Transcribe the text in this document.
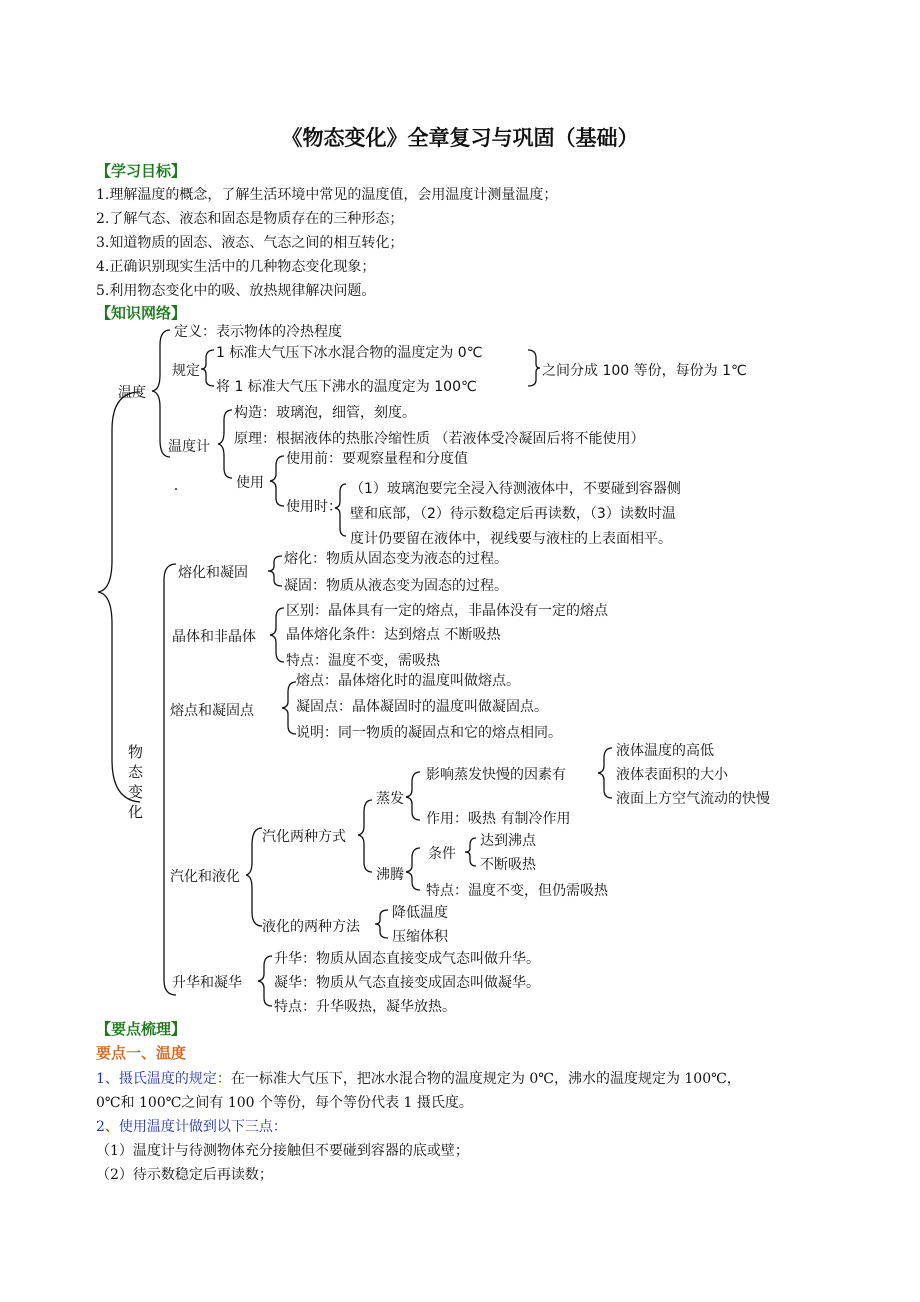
《物态变化》全章复习与巩固（基础）
【学习目标】
1.理解温度的概念，了解生活环境中常见的温度值，会用温度计测量温度；
2.了解气态、液态和固态是物质存在的三种形态；
3.知道物质的固态、液态、气态之间的相互转化；
4.正确识别现实生活中的几种物态变化现象；
5.利用物态变化中的吸、放热规律解决问题。
【知识网络】
温度
定义：表示物体的冷热程度
规定
1 标准大气压下冰水混合物的温度定为 0℃
将 1 标准大气压下沸水的温度定为 100℃
之间分成 100 等份，每份为 1℃
温度计
构造：玻璃泡，细管，刻度。
原理：根据液体的热胀冷缩性质 （若液体受冷凝固后将不能使用）
使用
使用前：要观察量程和分度值
使用时：
（1）玻璃泡要完全浸入待测液体中，不要碰到容器侧
壁和底部，（2）待示数稳定后再读数，（3）读数时温
度计仍要留在液体中，视线要与液柱的上表面相平。
物态变化
熔化和凝固
熔化：物质从固态变为液态的过程。
凝固：物质从液态变为固态的过程。
晶体和非晶体
区别：晶体具有一定的熔点，非晶体没有一定的熔点
晶体熔化条件：达到熔点 不断吸热
特点：温度不变，需吸热
熔点和凝固点
熔点：晶体熔化时的温度叫做熔点。
凝固点：晶体凝固时的温度叫做凝固点。
说明：同一物质的凝固点和它的熔点相同。
汽化和液化
汽化两种方式
蒸发
影响蒸发快慢的因素有
液体温度的高低
液体表面积的大小
液面上方空气流动的快慢
作用：吸热 有制冷作用
沸腾
条件
达到沸点
不断吸热
特点：温度不变，但仍需吸热
液化的两种方法
降低温度
压缩体积
升华和凝华
升华：物质从固态直接变成气态叫做升华。
凝华：物质从气态直接变成固态叫做凝华。
特点：升华吸热，凝华放热。
【要点梳理】
要点一、温度
1、摄氏温度的规定：在一标准大气压下，把冰水混合物的温度规定为 0℃，沸水的温度规定为 100℃，
0℃和 100℃之间有 100 个等份，每个等份代表 1 摄氏度。
2、使用温度计做到以下三点：
（1）温度计与待测物体充分接触但不要碰到容器的底或壁；
（2）待示数稳定后再读数；
